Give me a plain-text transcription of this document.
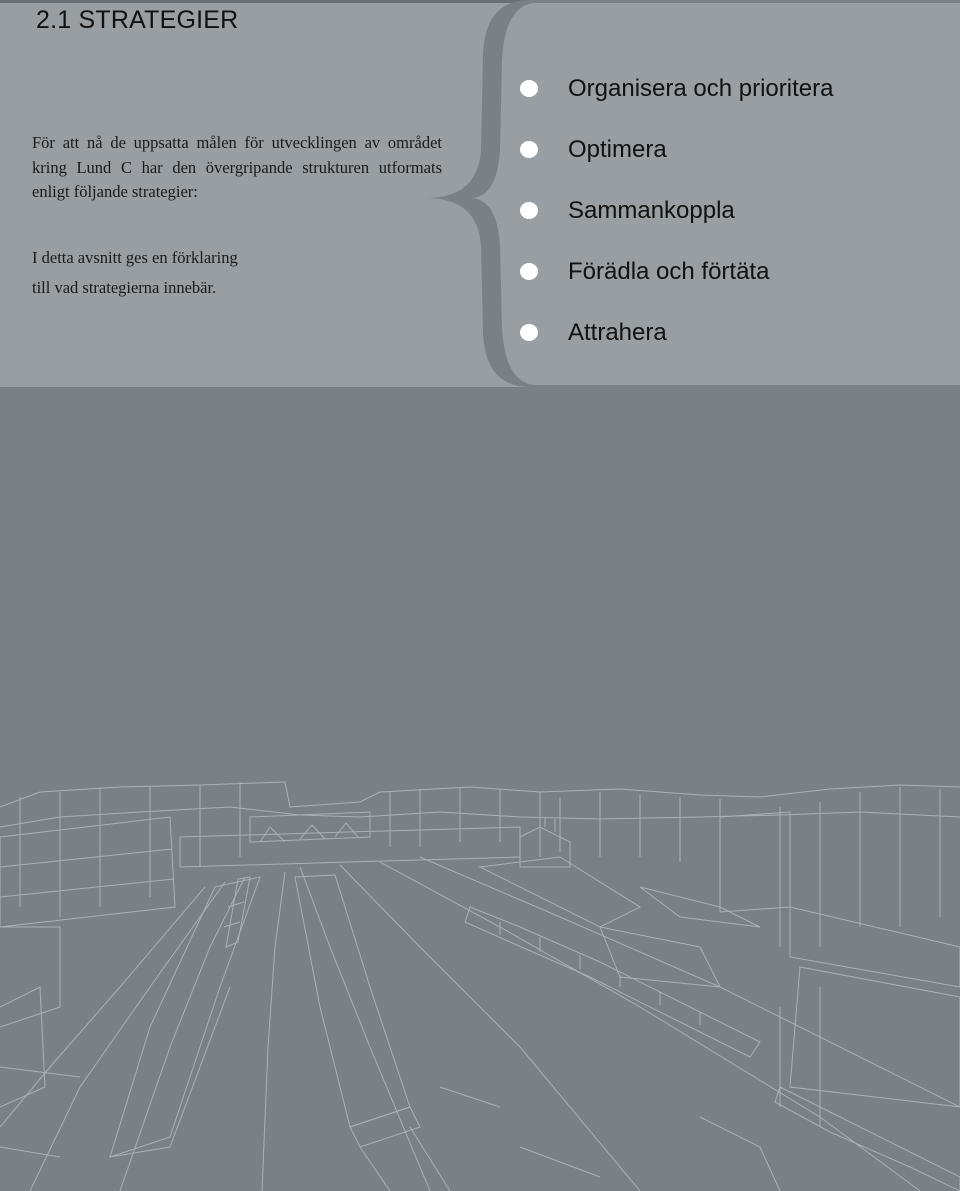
2.1 STRATEGIER

För att nå de uppsatta målen för utvecklingen av området kring Lund C har den övergripande strukturen utformats enligt följande strategier:

I detta avsnitt ges en förklaring
till vad strategierna innebär.

Organisera och prioritera
Optimera
Sammankoppla
Förädla och förtäta
Attrahera
